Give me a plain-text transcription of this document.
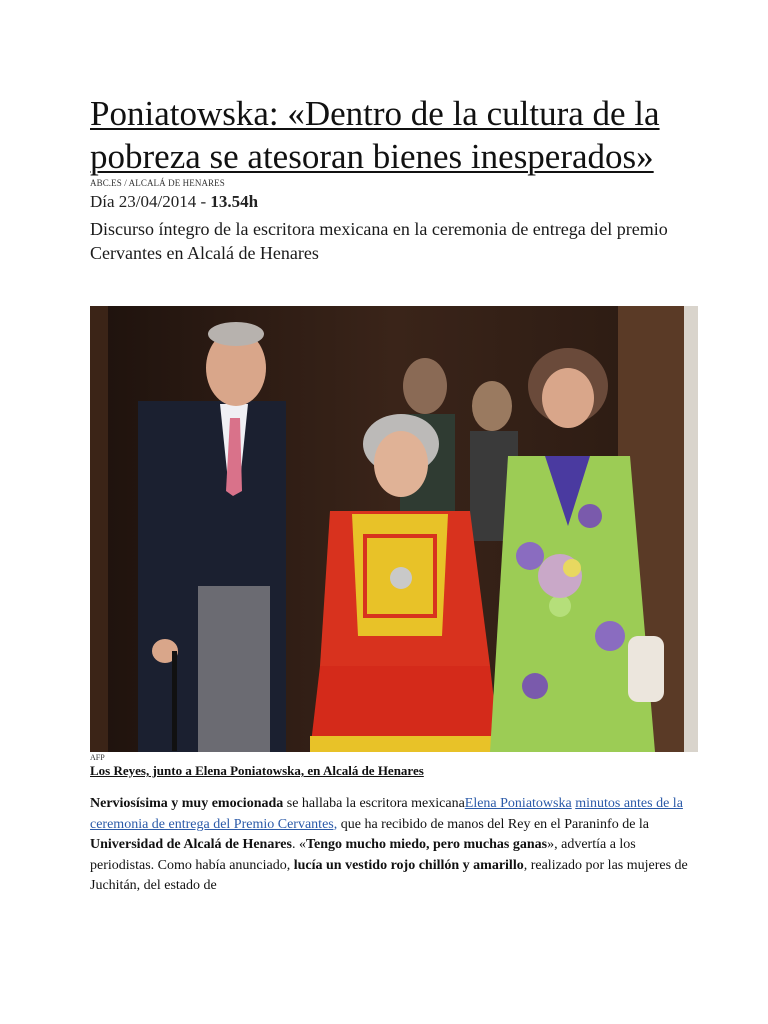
Poniatowska: «Dentro de la cultura de la pobreza se atesoran bienes inesperados»
ABC.ES / ALCALÁ DE HENARES
Día 23/04/2014 - 13.54h
Discurso íntegro de la escritora mexicana en la ceremonia de entrega del premio Cervantes en Alcalá de Henares
AFP
Los Reyes, junto a Elena Poniatowska, en Alcalá de Henares
Nerviosísima y muy emocionada se hallaba la escritora mexicanaElena Poniatowska minutos antes de la ceremonia de entrega del Premio Cervantes, que ha recibido de manos del Rey en el Paraninfo de la Universidad de Alcalá de Henares. «Tengo mucho miedo, pero muchas ganas», advertía a los periodistas. Como había anunciado, lucía un vestido rojo chillón y amarillo, realizado por las mujeres de Juchitán, del estado de
